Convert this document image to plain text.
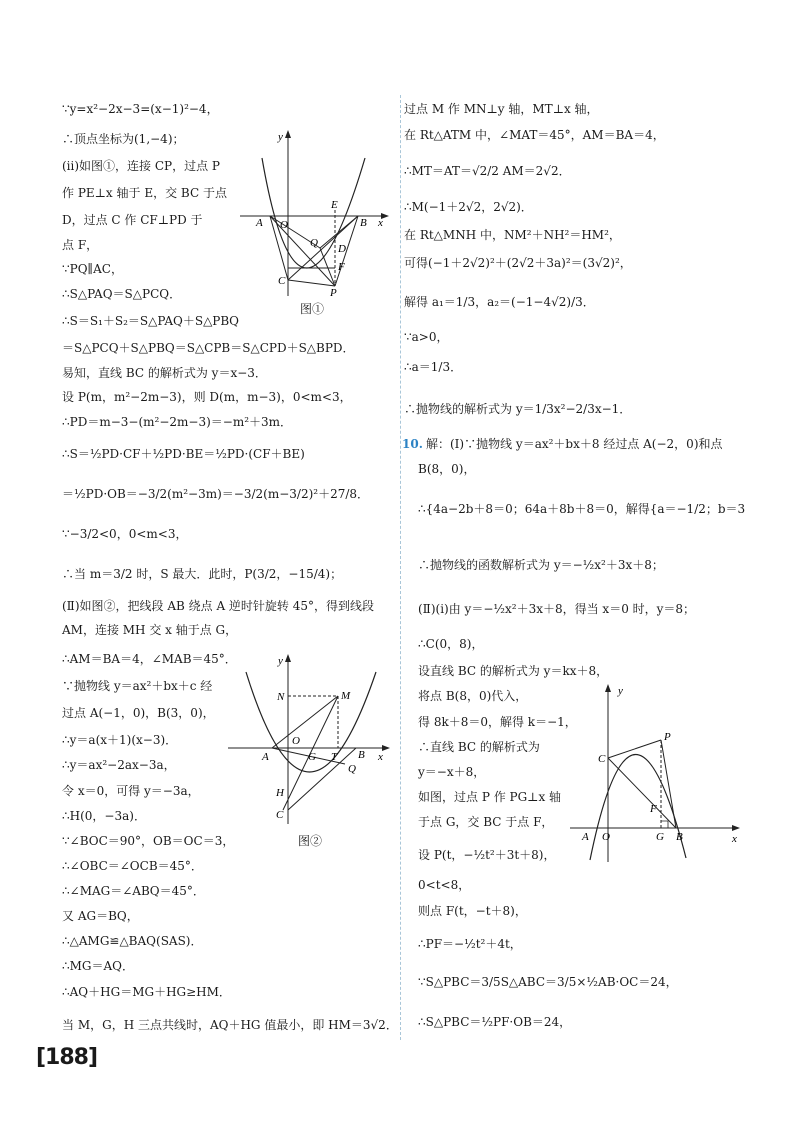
∵y=x²−2x−3=(x−1)²−4，
∴顶点坐标为(1,−4)；
(ⅱ)如图①，连接 CP，过点 P
作 PE⊥x 轴于 E，交 BC 于点
D，过点 C 作 CF⊥PD 于
点 F，
∵PQ∥AC，
∴S△PAQ＝S△PCQ．
∴S＝S₁＋S₂＝S△PAQ＋S△PBQ
＝S△PCQ＋S△PBQ＝S△CPB＝S△CPD＋S△BPD．
易知，直线 BC 的解析式为 y＝x−3．
设 P(m，m²−2m−3)，则 D(m，m−3)，0<m<3，
∴PD＝m−3−(m²−2m−3)＝−m²＋3m．
∴S＝½PD·CF＋½PD·BE＝½PD·(CF＋BE)
＝½PD·OB＝−3/2(m²−3m)＝−3/2(m−3/2)²＋27/8．
∵−3/2<0，0<m<3，
∴当 m＝3/2 时，S 最大．此时，P(3/2，−15/4)；
(Ⅱ)如图②，把线段 AB 绕点 A 逆时针旋转 45°，得到线段
AM，连接 MH 交 x 轴于点 G，
∴AM＝BA＝4，∠MAB＝45°．
∵抛物线 y＝ax²＋bx＋c 经
过点 A(−1，0)，B(3，0)，
∴y＝a(x＋1)(x−3)．
∴y＝ax²−2ax−3a，
令 x＝0，可得 y＝−3a，
∴H(0，−3a)．
∵∠BOC＝90°，OB＝OC＝3，
∴∠OBC＝∠OCB＝45°．
∴∠MAG＝∠ABQ＝45°．
又 AG＝BQ，
∴△AMG≌△BAQ(SAS)．
∴MG＝AQ．
∴AQ＋HG＝MG＋HG≥HM．
当 M，G，H 三点共线时，AQ＋HG 值最小，即 HM＝3√2．
过点 M 作 MN⊥y 轴，MT⊥x 轴，
在 Rt△ATM 中，∠MAT＝45°，AM＝BA＝4，
∴MT＝AT＝√2/2 AM＝2√2．
∴M(−1＋2√2，2√2)．
在 Rt△MNH 中，NM²＋NH²＝HM²，
可得(−1＋2√2)²＋(2√2＋3a)²＝(3√2)²，
解得 a₁＝1/3，a₂＝(−1−4√2)/3．
∵a>0，
∴a＝1/3．
∴抛物线的解析式为 y＝1/3x²−2/3x−1．
10. 解：(Ⅰ)∵抛物线 y＝ax²＋bx＋8 经过点 A(−2，0)和点
B(8，0)，
∴{4a−2b＋8＝0；64a＋8b＋8＝0，解得{a＝−1/2；b＝3
∴抛物线的函数解析式为 y＝−½x²＋3x＋8；
(Ⅱ)(ⅰ)由 y＝−½x²＋3x＋8，得当 x＝0 时，y＝8；
∴C(0，8)，
设直线 BC 的解析式为 y＝kx＋8，
将点 B(8，0)代入，
得 8k＋8＝0，解得 k＝−1，
∴直线 BC 的解析式为
y＝−x＋8，
如图，过点 P 作 PG⊥x 轴
于点 G，交 BC 于点 F，
设 P(t，−½t²＋3t＋8)，
0<t<8，
则点 F(t，−t＋8)，
∴PF＝−½t²＋4t，
∵S△PBC＝3/5S△ABC＝3/5×½AB·OC＝24，
∴S△PBC＝½PF·OB＝24，
y
A O
E
B x
Q D
C
F
P
图①
y
N	M
A
O
G T B x
Q
H
C
图②
y
C
P
F
A O	G B	x
[188]
